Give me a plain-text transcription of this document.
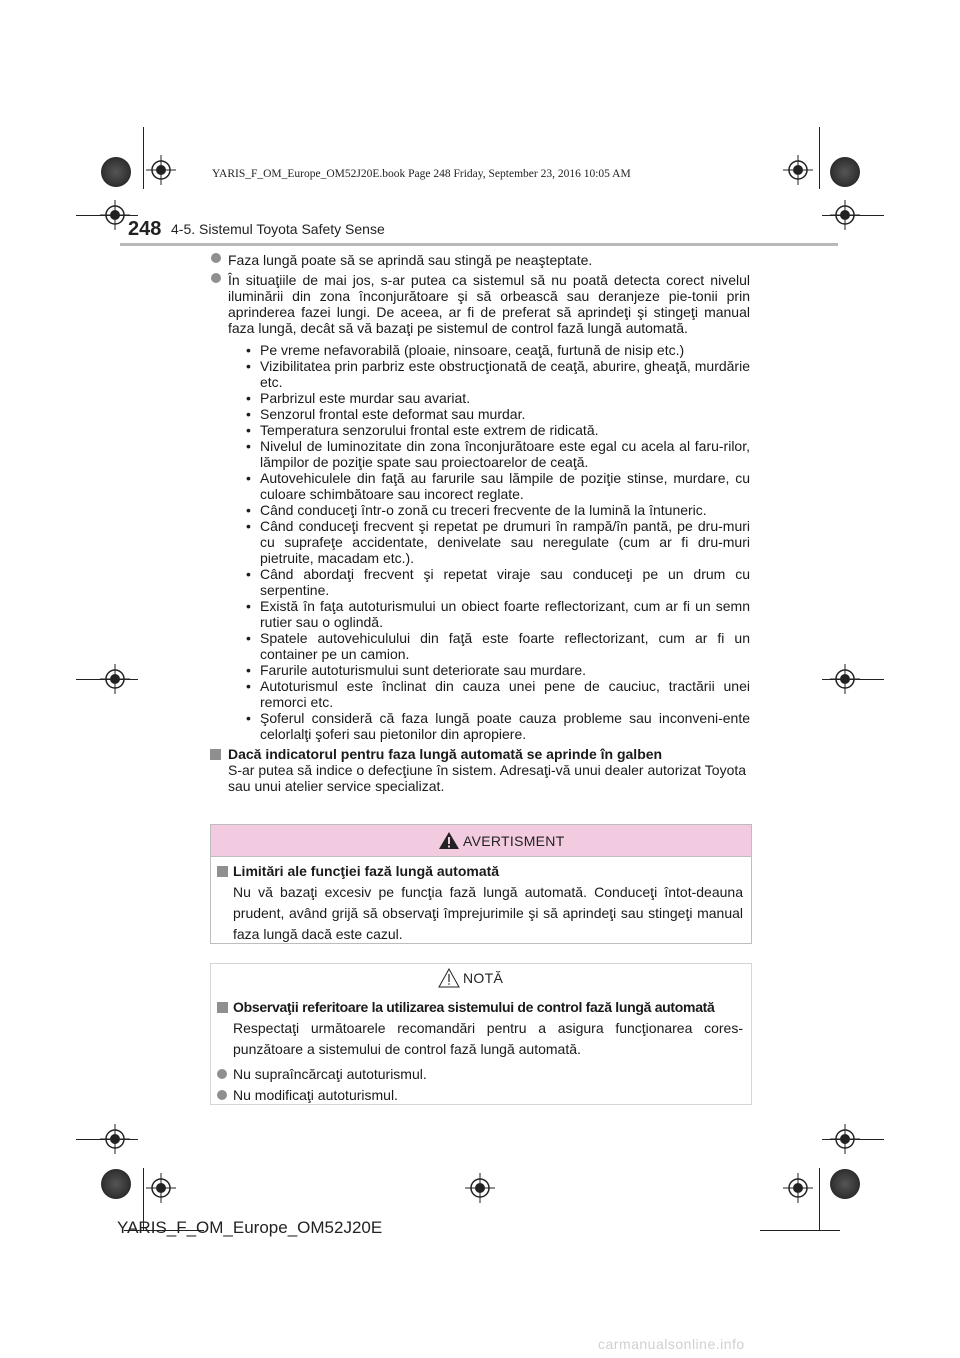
YARIS_F_OM_Europe_OM52J20E.book Page 248 Friday, September 23, 2016 10:05 AM
248 4-5. Sistemul Toyota Safety Sense
Faza lungă poate să se aprindă sau stingă pe neaşteptate.
În situaţiile de mai jos, s-ar putea ca sistemul să nu poată detecta corect nivelul iluminării din zona înconjurătoare şi să orbească sau deranjeze pie-tonii prin aprinderea fazei lungi. De aceea, ar fi de preferat să aprindeţi şi stingeţi manual faza lungă, decât să vă bazaţi pe sistemul de control fază lungă automată.
• Pe vreme nefavorabilă (ploaie, ninsoare, ceaţă, furtună de nisip etc.)
• Vizibilitatea prin parbriz este obstrucţionată de ceaţă, aburire, gheaţă, murdărie etc.
• Parbrizul este murdar sau avariat.
• Senzorul frontal este deformat sau murdar.
• Temperatura senzorului frontal este extrem de ridicată.
• Nivelul de luminozitate din zona înconjurătoare este egal cu acela al faru-rilor, lămpilor de poziţie spate sau proiectoarelor de ceaţă.
• Autovehiculele din faţă au farurile sau lămpile de poziţie stinse, murdare, cu culoare schimbătoare sau incorect reglate.
• Când conduceţi într-o zonă cu treceri frecvente de la lumină la întuneric.
• Când conduceţi frecvent şi repetat pe drumuri în rampă/în pantă, pe dru-muri cu suprafeţe accidentate, denivelate sau neregulate (cum ar fi dru-muri pietruite, macadam etc.).
• Când abordaţi frecvent şi repetat viraje sau conduceţi pe un drum cu serpentine.
• Există în faţa autoturismului un obiect foarte reflectorizant, cum ar fi un semn rutier sau o oglindă.
• Spatele autovehiculului din faţă este foarte reflectorizant, cum ar fi un container pe un camion.
• Farurile autoturismului sunt deteriorate sau murdare.
• Autoturismul este înclinat din cauza unei pene de cauciuc, tractării unei remorci etc.
• Şoferul consideră că faza lungă poate cauza probleme sau inconveni-ente celorlalţi şoferi sau pietonilor din apropiere.
Dacă indicatorul pentru faza lungă automată se aprinde în galben
S-ar putea să indice o defecţiune în sistem. Adresaţi-vă unui dealer autorizat Toyota sau unui atelier service specializat.
AVERTISMENT
Limitări ale funcţiei fază lungă automată
Nu vă bazaţi excesiv pe funcţia fază lungă automată. Conduceţi întot-deauna prudent, având grijă să observaţi împrejurimile şi să aprindeţi sau stingeţi manual faza lungă dacă este cazul.
NOTĂ
Observaţii referitoare la utilizarea sistemului de control fază lungă automată
Respectaţi următoarele recomandări pentru a asigura funcţionarea cores-punzătoare a sistemului de control fază lungă automată.
Nu supraîncărcaţi autoturismul.
Nu modificaţi autoturismul.
YARIS_F_OM_Europe_OM52J20E
carmanualsonline.info
